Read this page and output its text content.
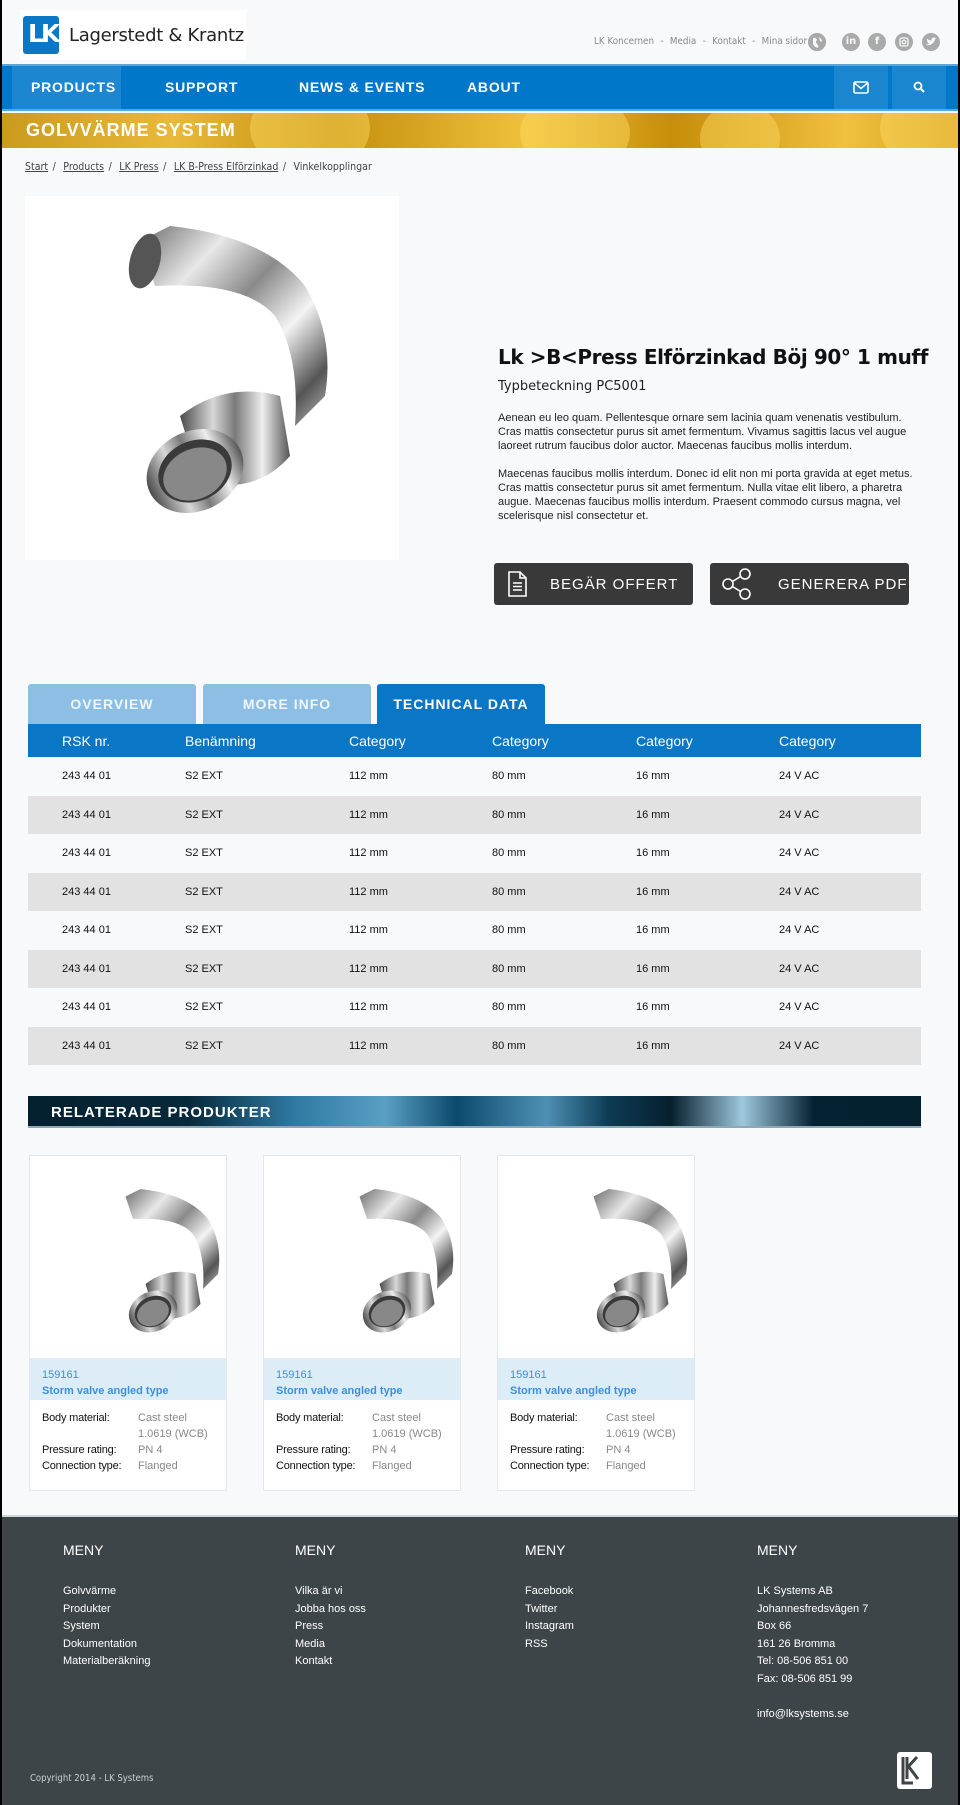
LK Lagerstedt & Krantz	LK Koncernen - Media - Kontakt - Mina sidor	in	f
PRODUCTS	SUPPORT	NEWS & EVENTS	ABOUT
GOLVVÄRME SYSTEM
Start / Products / LK Press / LK B-Press Elförzinkad / Vinkelkopplingar
Lk >B<Press Elförzinkad Böj 90° 1 muff
Typbeteckning PC5001

Aenean eu leo quam. Pellentesque ornare sem lacinia quam venenatis vestibulum. Cras mattis consectetur purus sit amet fermentum. Vivamus sagittis lacus vel augue laoreet rutrum faucibus dolor auctor. Maecenas faucibus mollis interdum.

Maecenas faucibus mollis interdum. Donec id elit non mi porta gravida at eget metus. Cras mattis consectetur purus sit amet fermentum. Nulla vitae elit libero, a pharetra augue. Maecenas faucibus mollis interdum. Praesent commodo cursus magna, vel scelerisque nisl consectetur et.

BEGÄR OFFERT	GENERERA PDF
OVERVIEW	MORE INFO	TECHNICAL DATA
RSK nr.	Benämning	Category	Category	Category	Category
243 44 01	S2 EXT	112 mm	80 mm	16 mm	24 V AC
243 44 01	S2 EXT	112 mm	80 mm	16 mm	24 V AC
243 44 01	S2 EXT	112 mm	80 mm	16 mm	24 V AC
243 44 01	S2 EXT	112 mm	80 mm	16 mm	24 V AC
243 44 01	S2 EXT	112 mm	80 mm	16 mm	24 V AC
243 44 01	S2 EXT	112 mm	80 mm	16 mm	24 V AC
243 44 01	S2 EXT	112 mm	80 mm	16 mm	24 V AC
243 44 01	S2 EXT	112 mm	80 mm	16 mm	24 V AC
RELATERADE PRODUKTER
159161
Storm valve angled type
Body material:	Cast steel
1.0619 (WCB)
Pressure rating: PN 4
Connection type: Flanged
159161
Storm valve angled type
Body material:	Cast steel
1.0619 (WCB)
Pressure rating: PN 4
Connection type: Flanged
159161
Storm valve angled type
Body material:	Cast steel
1.0619 (WCB)
Pressure rating: PN 4
Connection type: Flanged
MENY
Golvvärme
Produkter
System
Dokumentation
Materialberäkning
MENY
Vilka är vi
Jobba hos oss
Press
Media
Kontakt
MENY
Facebook
Twitter
Instagram
RSS
MENY
LK Systems AB
Johannesfredsvägen 7
Box 66
161 26 Bromma
Tel: 08-506 851 00
Fax: 08-506 851 99
info@lksystems.se
Copyright 2014 - LK Systems
